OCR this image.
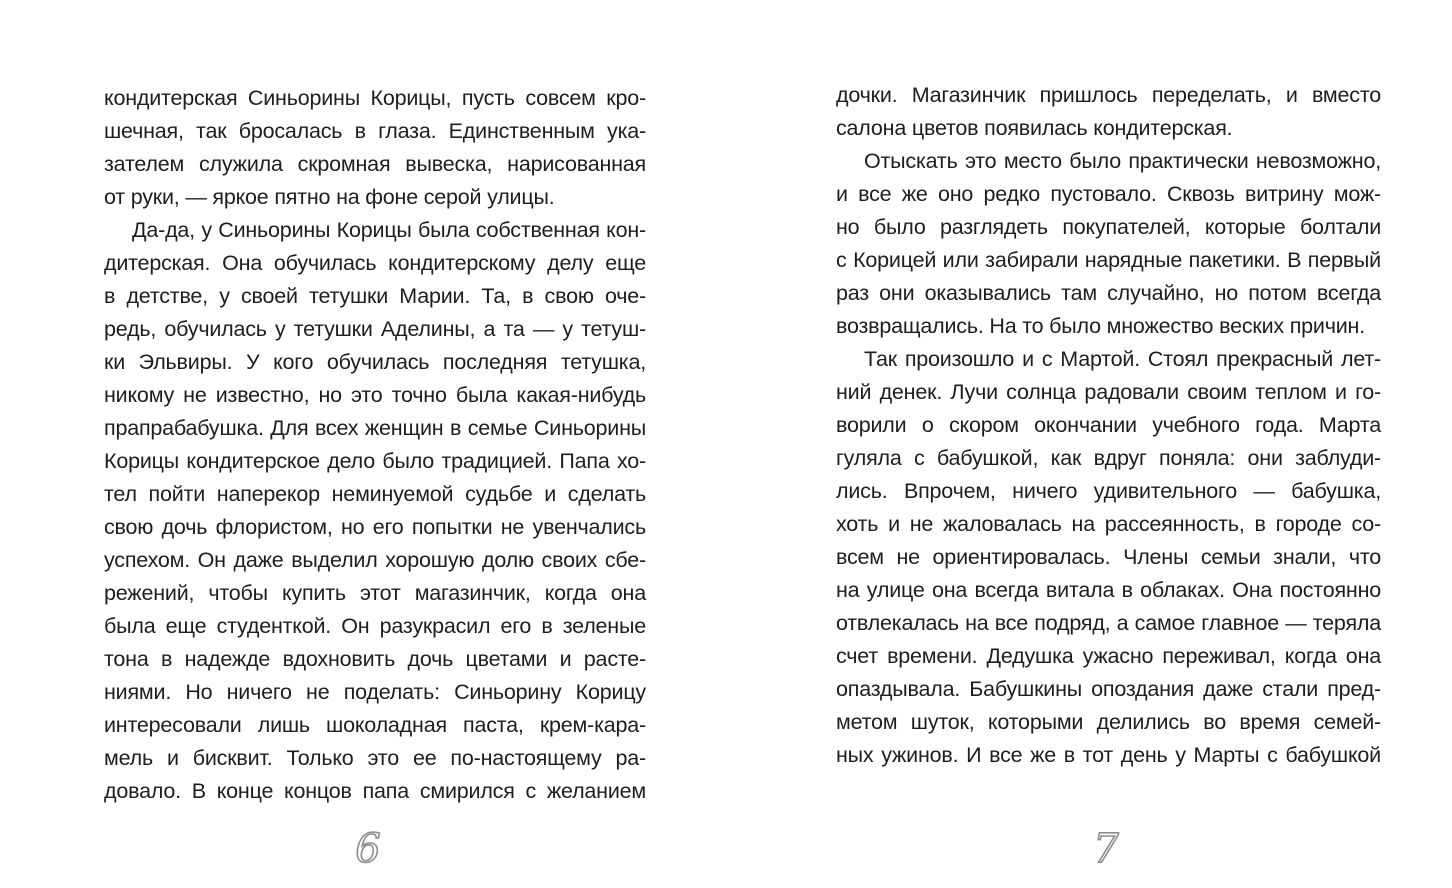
кондитерская Синьорины Корицы, пусть совсем кро-
шечная, так бросалась в глаза. Единственным ука-
зателем служила скромная вывеска, нарисованная
от руки, — яркое пятно на фоне серой улицы.
Да-да, у Синьорины Корицы была собственная кон-
дитерская. Она обучилась кондитерскому делу еще
в детстве, у своей тетушки Марии. Та, в свою оче-
редь, обучилась у тетушки Аделины, а та — у тетуш-
ки Эльвиры. У кого обучилась последняя тетушка,
никому не известно, но это точно была какая-нибудь
прапрабабушка. Для всех женщин в семье Синьорины
Корицы кондитерское дело было традицией. Папа хо-
тел пойти наперекор неминуемой судьбе и сделать
свою дочь флористом, но его попытки не увенчались
успехом. Он даже выделил хорошую долю своих сбе-
режений, чтобы купить этот магазинчик, когда она
была еще студенткой. Он разукрасил его в зеленые
тона в надежде вдохновить дочь цветами и расте-
ниями. Но ничего не поделать: Синьорину Корицу
интересовали лишь шоколадная паста, крем-кара-
мель и бисквит. Только это ее по-настоящему ра-
довало. В конце концов папа смирился с желанием
6
дочки. Магазинчик пришлось переделать, и вместо
салона цветов появилась кондитерская.
Отыскать это место было практически невозможно,
и все же оно редко пустовало. Сквозь витрину мож-
но было разглядеть покупателей, которые болтали
с Корицей или забирали нарядные пакетики. В первый
раз они оказывались там случайно, но потом всегда
возвращались. На то было множество веских причин.
Так произошло и с Мартой. Стоял прекрасный лет-
ний денек. Лучи солнца радовали своим теплом и го-
ворили о скором окончании учебного года. Марта
гуляла с бабушкой, как вдруг поняла: они заблуди-
лись. Впрочем, ничего удивительного — бабушка,
хоть и не жаловалась на рассеянность, в городе со-
всем не ориентировалась. Члены семьи знали, что
на улице она всегда витала в облаках. Она постоянно
отвлекалась на все подряд, а самое главное — теряла
счет времени. Дедушка ужасно переживал, когда она
опаздывала. Бабушкины опоздания даже стали пред-
метом шуток, которыми делились во время семей-
ных ужинов. И все же в тот день у Марты с бабушкой
7
